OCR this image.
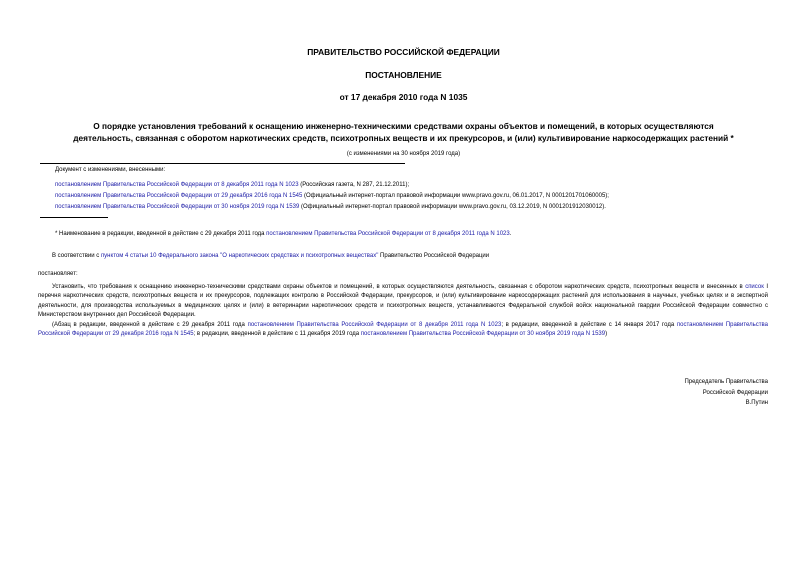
ПРАВИТЕЛЬСТВО РОССИЙСКОЙ ФЕДЕРАЦИИ
ПОСТАНОВЛЕНИЕ
от 17 декабря 2010 года N 1035
О порядке установления требований к оснащению инженерно-техническими средствами охраны объектов и помещений, в которых осуществляются
деятельность, связанная с оборотом наркотических средств, психотропных веществ и их прекурсоров, и (или) культивирование наркосодержащих растений *
(с изменениями на 30 ноября 2019 года)
Документ с изменениями, внесенными:
постановлением Правительства Российской Федерации от 8 декабря 2011 года N 1023 (Российская газета, N 287, 21.12.2011);
постановлением Правительства Российской Федерации от 29 декабря 2016 года N 1545 (Официальный интернет-портал правовой информации www.pravo.gov.ru, 06.01.2017, N 0001201701060005);
постановлением Правительства Российской Федерации от 30 ноября 2019 года N 1539 (Официальный интернет-портал правовой информации www.pravo.gov.ru, 03.12.2019, N 0001201912030012).
* Наименование в редакции, введенной в действие с 29 декабря 2011 года постановлением Правительства Российской Федерации от 8 декабря 2011 года N 1023.
В соответствии с пунктом 4 статьи 10 Федерального закона "О наркотических средствах и психотропных веществах" Правительство Российской Федерации
постановляет:

Установить, что требования к оснащению инженерно-техническими средствами охраны объектов и помещений, в которых осуществляются деятельность, связанная с оборотом наркотических средств, психотропных веществ и внесенных в список I перечня наркотических средств, психотропных веществ и их прекурсоров, подлежащих контролю в Российской Федерации, прекурсоров, и (или) культивирование наркосодержащих растений для использования в научных, учебных целях и в экспертной деятельности, для производства используемых в медицинских целях и (или) в ветеринарии наркотических средств и психотропных веществ, устанавливаются Федеральной службой войск национальной гвардии Российской Федерации совместно с Министерством внутренних дел Российской Федерации.

(Абзац в редакции, введенной в действие с 29 декабря 2011 года постановлением Правительства Российской Федерации от 8 декабря 2011 года N 1023; в редакции, введенной в действие с 14 января 2017 года постановлением Правительства Российской Федерации от 29 декабря 2016 года N 1545; в редакции, введенной в действие с 11 декабря 2019 года постановлением Правительства Российской Федерации от 30 ноября 2019 года N 1539)

Председатель Правительства
Российской Федерации
В.Путин
